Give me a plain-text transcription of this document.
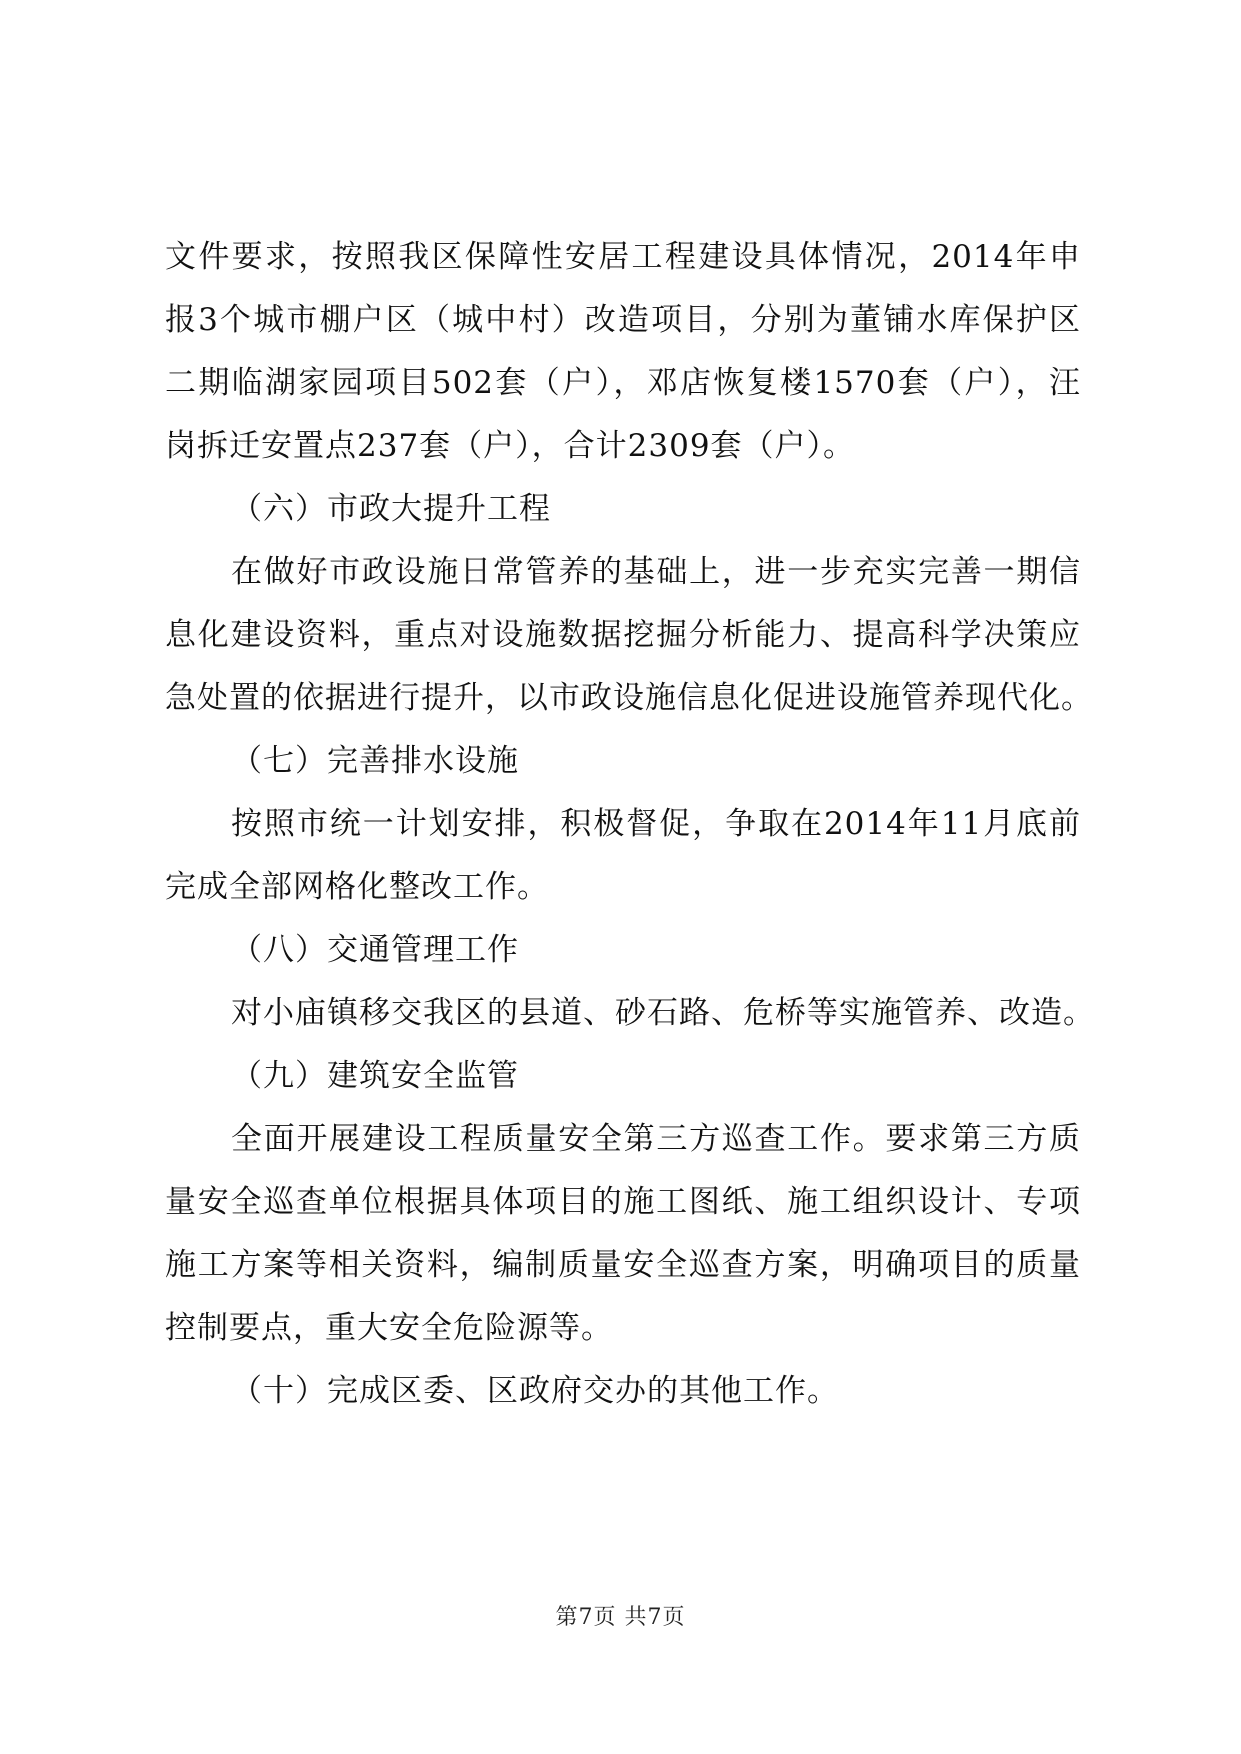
文件要求，按照我区保障性安居工程建设具体情况，2014年申
报3个城市棚户区（城中村）改造项目，分别为董铺水库保护区
二期临湖家园项目502套（户），邓店恢复楼1570套（户），汪
岗拆迁安置点237套（户），合计2309套（户）。
（六）市政大提升工程
在做好市政设施日常管养的基础上，进一步充实完善一期信
息化建设资料，重点对设施数据挖掘分析能力、提高科学决策应
急处置的依据进行提升，以市政设施信息化促进设施管养现代化。
（七）完善排水设施
按照市统一计划安排，积极督促，争取在2014年11月底前
完成全部网格化整改工作。
（八）交通管理工作
对小庙镇移交我区的县道、砂石路、危桥等实施管养、改造。
（九）建筑安全监管
全面开展建设工程质量安全第三方巡查工作。要求第三方质
量安全巡查单位根据具体项目的施工图纸、施工组织设计、专项
施工方案等相关资料，编制质量安全巡查方案，明确项目的质量
控制要点，重大安全危险源等。
（十）完成区委、区政府交办的其他工作。
第7页 共7页
